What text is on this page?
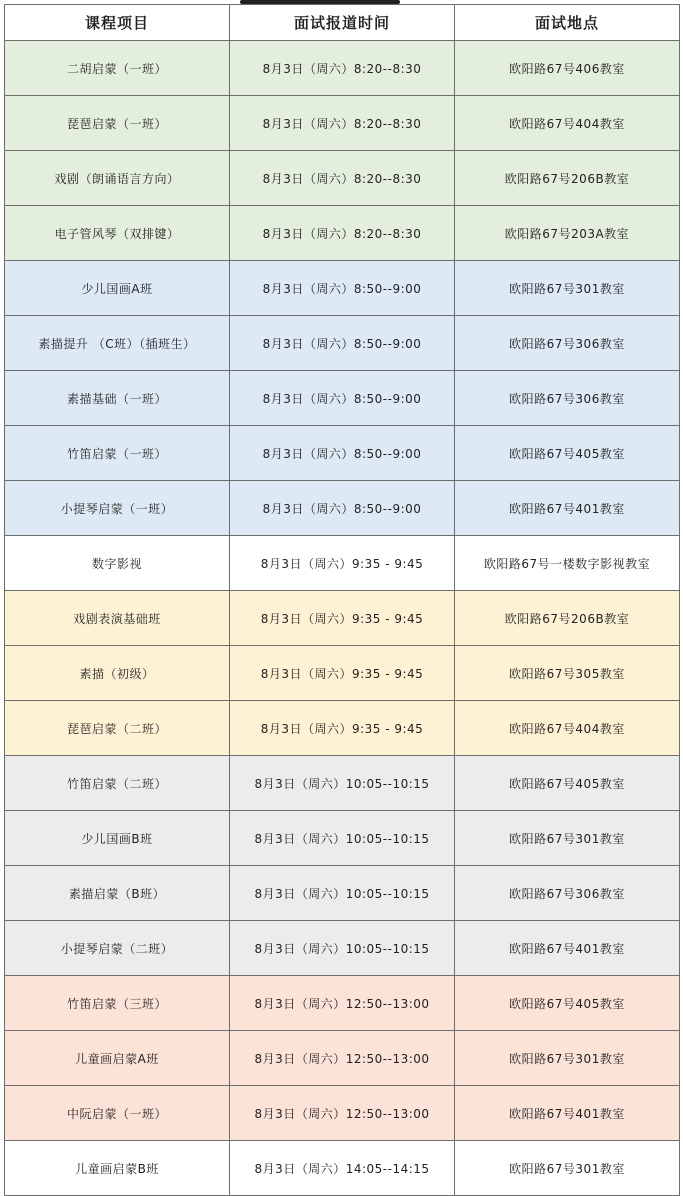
课程项目	面试报道时间	面试地点
二胡启蒙（一班）	8月3日（周六）8:20--8:30	欧阳路67号406教室
琵琶启蒙（一班）	8月3日（周六）8:20--8:30	欧阳路67号404教室
戏剧（朗诵语言方向）	8月3日（周六）8:20--8:30	欧阳路67号206B教室
电子管风琴（双排键）	8月3日（周六）8:20--8:30	欧阳路67号203A教室
少儿国画A班	8月3日（周六）8:50--9:00	欧阳路67号301教室
素描提升 （C班）（插班生）	8月3日（周六）8:50--9:00	欧阳路67号306教室
素描基础（一班）	8月3日（周六）8:50--9:00	欧阳路67号306教室
竹笛启蒙（一班）	8月3日（周六）8:50--9:00	欧阳路67号405教室
小提琴启蒙（一班）	8月3日（周六）8:50--9:00	欧阳路67号401教室
数字影视	8月3日（周六）9:35 - 9:45	欧阳路67号一楼数字影视教室
戏剧表演基础班	8月3日（周六）9:35 - 9:45	欧阳路67号206B教室
素描（初级）	8月3日（周六）9:35 - 9:45	欧阳路67号305教室
琵琶启蒙（二班）	8月3日（周六）9:35 - 9:45	欧阳路67号404教室
竹笛启蒙（二班）	8月3日（周六）10:05--10:15	欧阳路67号405教室
少儿国画B班	8月3日（周六）10:05--10:15	欧阳路67号301教室
素描启蒙（B班）	8月3日（周六）10:05--10:15	欧阳路67号306教室
小提琴启蒙（二班）	8月3日（周六）10:05--10:15	欧阳路67号401教室
竹笛启蒙（三班）	8月3日（周六）12:50--13:00	欧阳路67号405教室
儿童画启蒙A班	8月3日（周六）12:50--13:00	欧阳路67号301教室
中阮启蒙（一班）	8月3日（周六）12:50--13:00	欧阳路67号401教室
儿童画启蒙B班	8月3日（周六）14:05--14:15	欧阳路67号301教室
